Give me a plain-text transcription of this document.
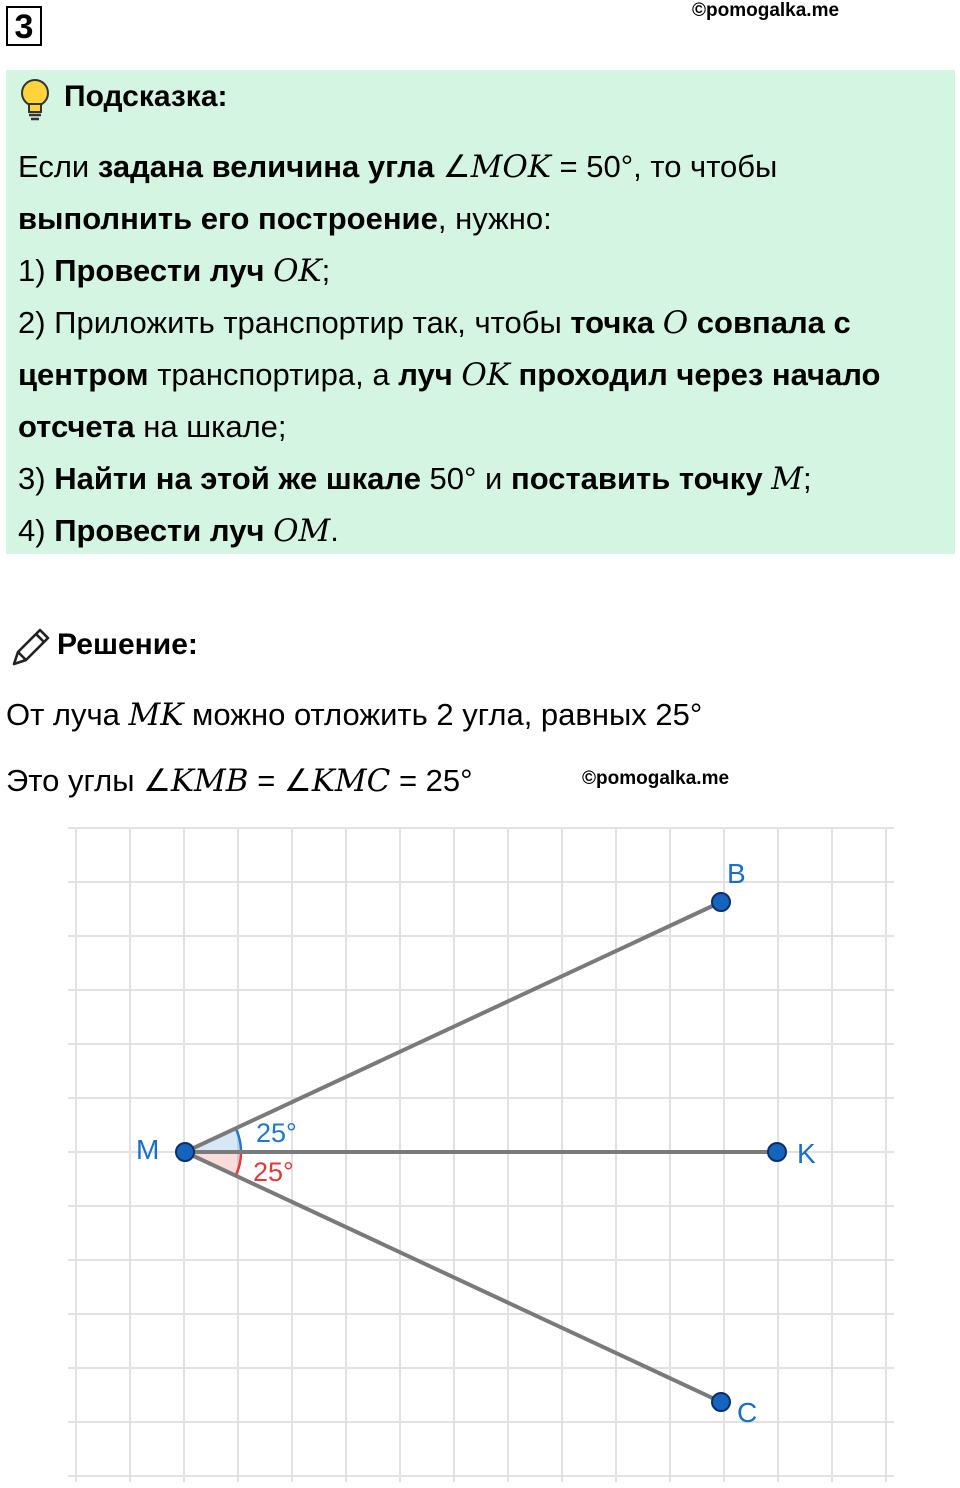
3	©pomogalka.me
Подсказка:
Если задана величина угла ∠MOK = 50°, то чтобы выполнить его построение, нужно:
1) Провести луч OK;
2) Приложить транспортир так, чтобы точка O совпала с центром транспортира, а луч OK проходил через начало отсчета на шкале;
3) Найти на этой же шкале 50° и поставить точку M;
4) Провести луч OM.
Решение:
От луча MK можно отложить 2 угла, равных 25°
Это углы ∠KMB = ∠KMC = 25°	©pomogalka.me
M	K
B
C
25°
25°
